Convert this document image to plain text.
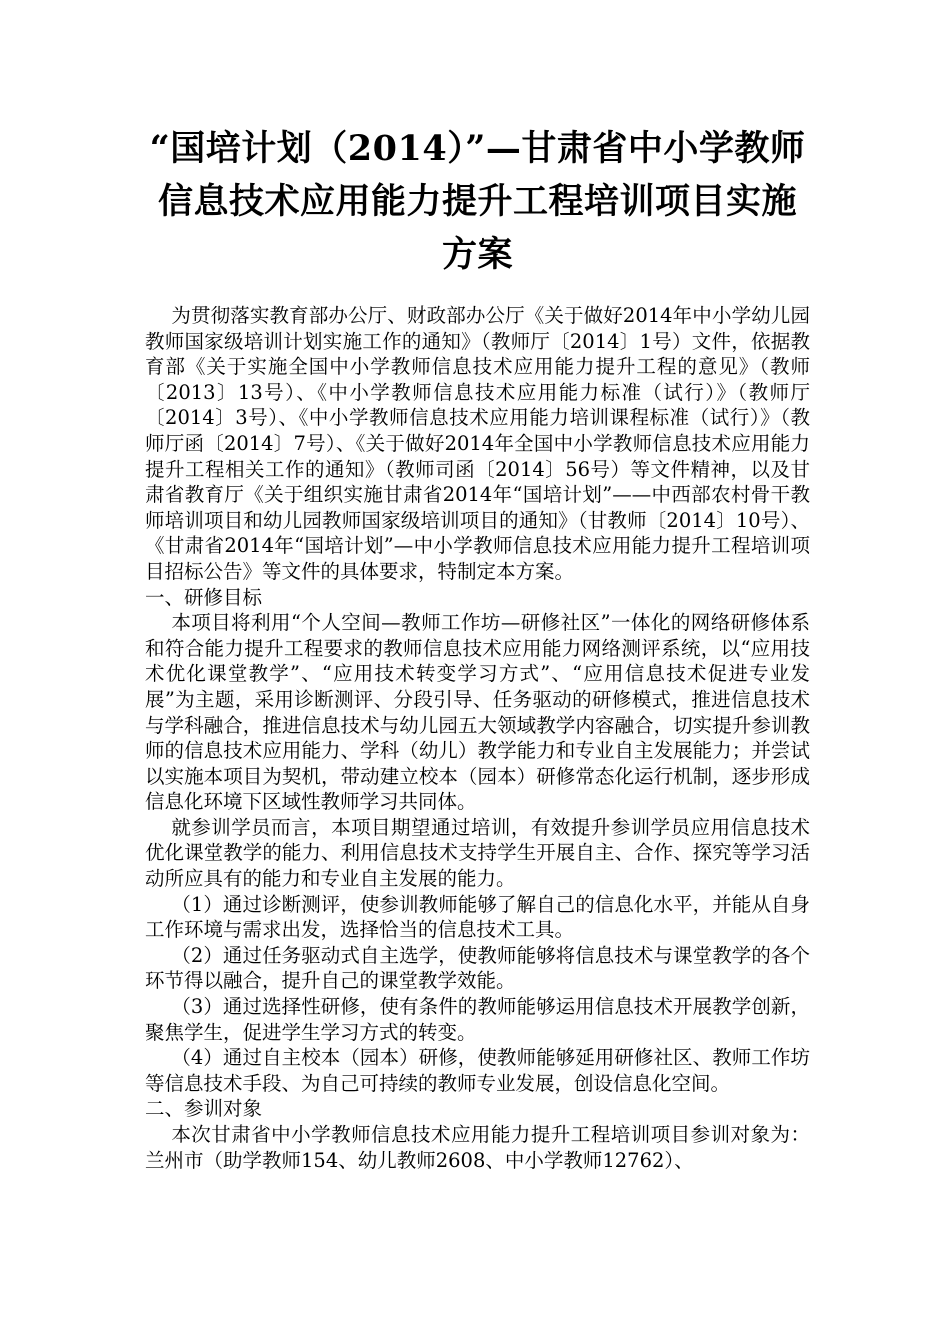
“国培计划（2014）”—甘肃省中小学教师
信息技术应用能力提升工程培训项目实施
方案

为贯彻落实教育部办公厅、财政部办公厅《关于做好2014年中小学幼儿园教师国家级培训计划实施工作的通知》（教师厅〔2014〕1号）文件，依据教育部《关于实施全国中小学教师信息技术应用能力提升工程的意见》（教师〔2013〕13号）、《中小学教师信息技术应用能力标准（试行）》（教师厅〔2014〕3号）、《中小学教师信息技术应用能力培训课程标准（试行）》（教师厅函〔2014〕7号）、《关于做好2014年全国中小学教师信息技术应用能力提升工程相关工作的通知》（教师司函〔2014〕56号）等文件精神，以及甘肃省教育厅《关于组织实施甘肃省2014年“国培计划”——中西部农村骨干教师培训项目和幼儿园教师国家级培训项目的通知》（甘教师〔2014〕10号）、《甘肃省2014年“国培计划”—中小学教师信息技术应用能力提升工程培训项目招标公告》等文件的具体要求，特制定本方案。

一、研修目标

本项目将利用“个人空间—教师工作坊—研修社区”一体化的网络研修体系和符合能力提升工程要求的教师信息技术应用能力网络测评系统，以“应用技术优化课堂教学”、“应用技术转变学习方式”、“应用信息技术促进专业发展”为主题，采用诊断测评、分段引导、任务驱动的研修模式，推进信息技术与学科融合，推进信息技术与幼儿园五大领域教学内容融合，切实提升参训教师的信息技术应用能力、学科（幼儿）教学能力和专业自主发展能力；并尝试以实施本项目为契机，带动建立校本（园本）研修常态化运行机制，逐步形成信息化环境下区域性教师学习共同体。

就参训学员而言，本项目期望通过培训，有效提升参训学员应用信息技术优化课堂教学的能力、利用信息技术支持学生开展自主、合作、探究等学习活动所应具有的能力和专业自主发展的能力。

（1）通过诊断测评，使参训教师能够了解自己的信息化水平，并能从自身工作环境与需求出发，选择恰当的信息技术工具。

（2）通过任务驱动式自主选学，使教师能够将信息技术与课堂教学的各个环节得以融合，提升自己的课堂教学效能。

（3）通过选择性研修，使有条件的教师能够运用信息技术开展教学创新，聚焦学生，促进学生学习方式的转变。

（4）通过自主校本（园本）研修，使教师能够延用研修社区、教师工作坊等信息技术手段、为自己可持续的教师专业发展，创设信息化空间。

二、参训对象

本次甘肃省中小学教师信息技术应用能力提升工程培训项目参训对象为：兰州市（助学教师154、幼儿教师2608、中小学教师12762）、
